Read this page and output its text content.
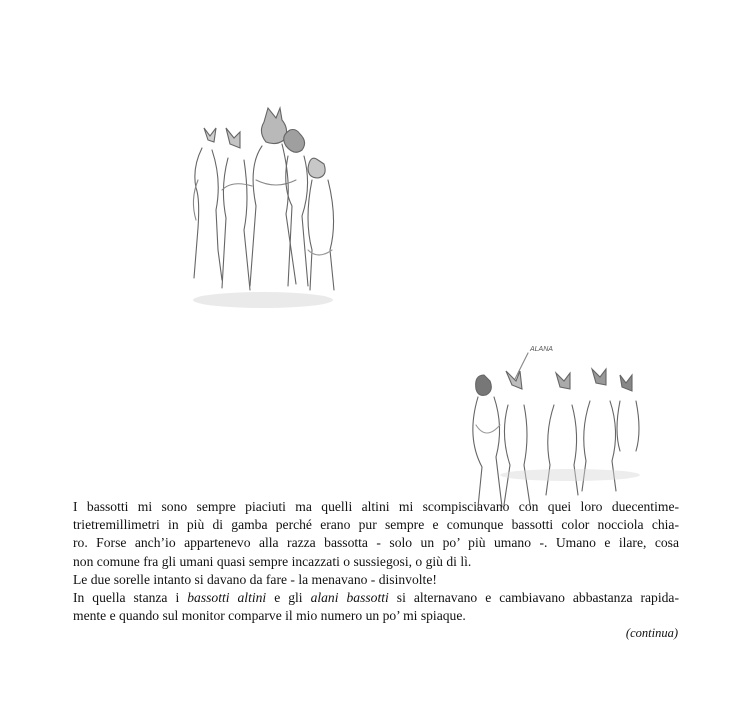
ALANA

I bassotti mi sono sempre piaciuti ma quelli altini mi scompisciavano con quei loro duecentime-

trietremillimetri in più di gamba perché erano pur sempre e comunque bassotti color nocciola chia-

ro. Forse anch’io appartenevo alla razza bassotta - solo un po’ più umano -. Umano e ilare, cosa

non comune fra gli umani quasi sempre incazzati o sussiegosi, o giù di lì.

Le due sorelle intanto si davano da fare - la menavano - disinvolte!

In quella stanza i bassotti altini e gli alani bassotti si alternavano e cambiavano abbastanza rapida-

mente e quando sul monitor comparve il mio numero un po’ mi spiaque.

(continua)
